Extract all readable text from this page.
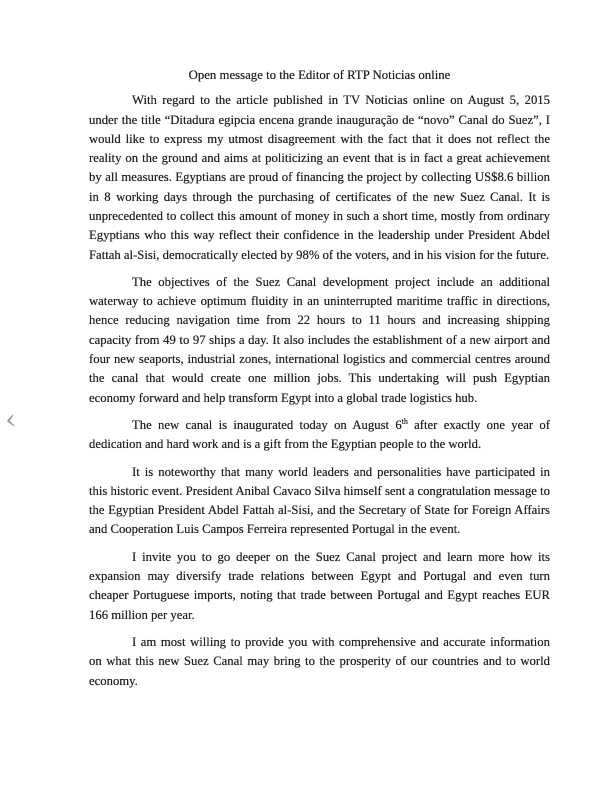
‹
Open message to the Editor of RTP Noticias online

With regard to the article published in TV Noticias online on August 5, 2015 under the title “Ditadura egipcia encena grande inauguração de “novo” Canal do Suez”, I would like to express my utmost disagreement with the fact that it does not reflect the reality on the ground and aims at politicizing an event that is in fact a great achievement by all measures. Egyptians are proud of financing the project by collecting US$8.6 billion in 8 working days through the purchasing of certificates of the new Suez Canal. It is unprecedented to collect this amount of money in such a short time, mostly from ordinary Egyptians who this way reflect their confidence in the leadership under President Abdel Fattah al-Sisi, democratically elected by 98% of the voters, and in his vision for the future.

The objectives of the Suez Canal development project include an additional waterway to achieve optimum fluidity in an uninterrupted maritime traffic in directions, hence reducing navigation time from 22 hours to 11 hours and increasing shipping capacity from 49 to 97 ships a day. It also includes the establishment of a new airport and four new seaports, industrial zones, international logistics and commercial centres around the canal that would create one million jobs. This undertaking will push Egyptian economy forward and help transform Egypt into a global trade logistics hub.

The new canal is inaugurated today on August 6th after exactly one year of dedication and hard work and is a gift from the Egyptian people to the world.

It is noteworthy that many world leaders and personalities have participated in this historic event. President Anibal Cavaco Silva himself sent a congratulation message to the Egyptian President Abdel Fattah al-Sisi, and the Secretary of State for Foreign Affairs and Cooperation Luis Campos Ferreira represented Portugal in the event.

I invite you to go deeper on the Suez Canal project and learn more how its expansion may diversify trade relations between Egypt and Portugal and even turn cheaper Portuguese imports, noting that trade between Portugal and Egypt reaches EUR 166 million per year.

I am most willing to provide you with comprehensive and accurate information on what this new Suez Canal may bring to the prosperity of our countries and to world economy.
